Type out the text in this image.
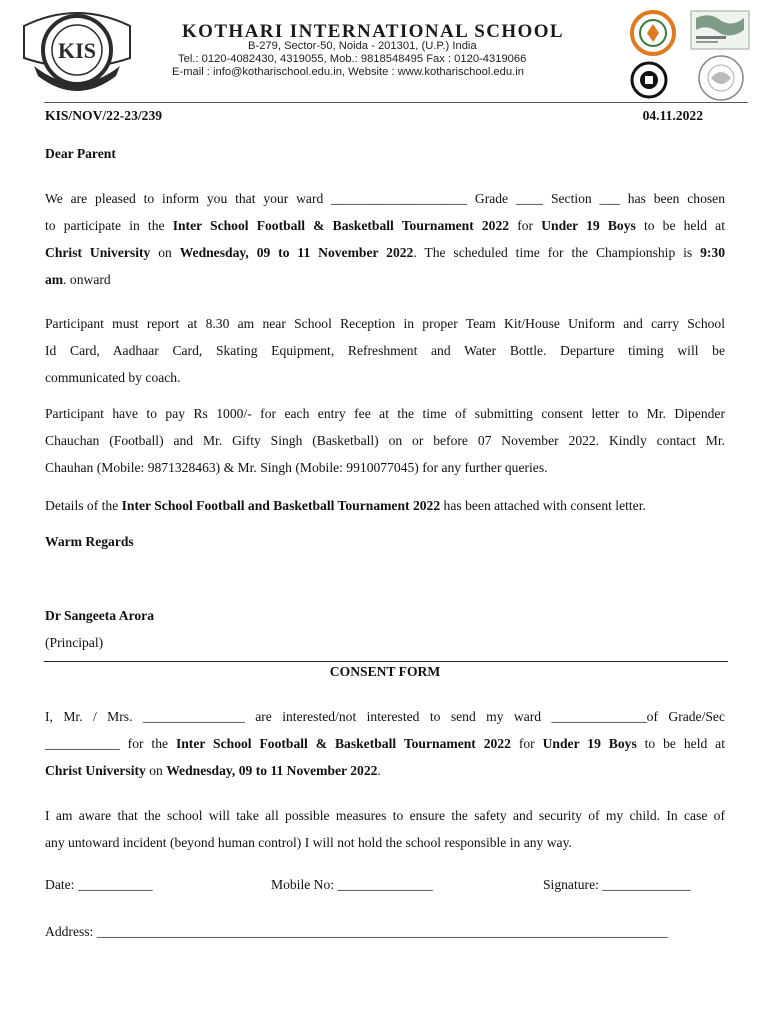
KIS
KOTHARI INTERNATIONAL SCHOOL
B-279, Sector-50, Noida - 201301, (U.P.) India
Tel.: 0120-4082430, 4319055, Mob.: 9818548495 Fax : 0120-4319066
E-mail : info@kotharischool.edu.in, Website : www.kotharischool.edu.in
KIS/NOV/22-23/239	04.11.2022
Dear Parent
We are pleased to inform you that your ward ____________________ Grade ____ Section ___ has been chosen
to participate in the Inter School Football & Basketball Tournament 2022 for Under 19 Boys to be held at
Christ University on Wednesday, 09 to 11 November 2022. The scheduled time for the Championship is 9:30
am. onward
Participant must report at 8.30 am near School Reception in proper Team Kit/House Uniform and carry School
Id Card, Aadhaar Card, Skating Equipment, Refreshment and Water Bottle. Departure timing will be
communicated by coach.
Participant have to pay Rs 1000/- for each entry fee at the time of submitting consent letter to Mr. Dipender
Chauchan (Football) and Mr. Gifty Singh (Basketball) on or before 07 November 2022. Kindly contact Mr.
Chauhan (Mobile: 9871328463) & Mr. Singh (Mobile: 9910077045) for any further queries.
Details of the Inter School Football and Basketball Tournament 2022 has been attached with consent letter.
Warm Regards
Dr Sangeeta Arora
(Principal)
CONSENT FORM
I, Mr. / Mrs. _______________ are interested/not interested to send my ward ______________of Grade/Sec
___________ for the Inter School Football & Basketball Tournament 2022 for Under 19 Boys to be held at
Christ University on Wednesday, 09 to 11 November 2022.
I am aware that the school will take all possible measures to ensure the safety and security of my child. In case of
any untoward incident (beyond human control) I will not hold the school responsible in any way.
Date: ___________	Mobile No: ______________	Signature: _____________
Address: ____________________________________________________________________________________
